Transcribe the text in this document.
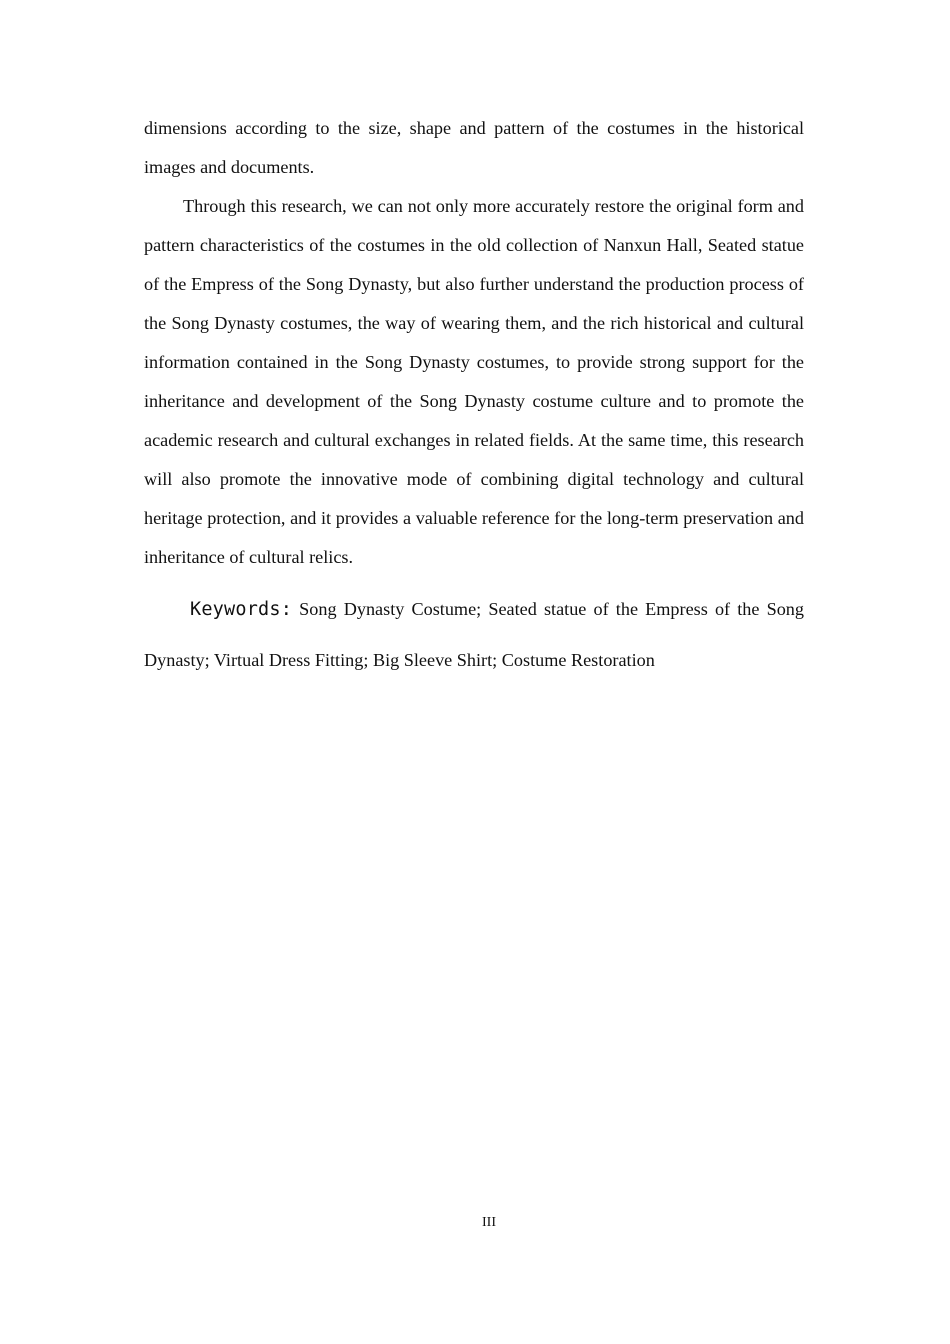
dimensions according to the size, shape and pattern of the costumes in the historical images and documents.

Through this research, we can not only more accurately restore the original form and pattern characteristics of the costumes in the old collection of Nanxun Hall, Seated statue of the Empress of the Song Dynasty, but also further understand the production process of the Song Dynasty costumes, the way of wearing them, and the rich historical and cultural information contained in the Song Dynasty costumes, to provide strong support for the inheritance and development of the Song Dynasty costume culture and to promote the academic research and cultural exchanges in related fields. At the same time, this research will also promote the innovative mode of combining digital technology and cultural heritage protection, and it provides a valuable reference for the long-term preservation and inheritance of cultural relics.

Keywords: Song Dynasty Costume; Seated statue of the Empress of the Song Dynasty; Virtual Dress Fitting; Big Sleeve Shirt; Costume Restoration

III
